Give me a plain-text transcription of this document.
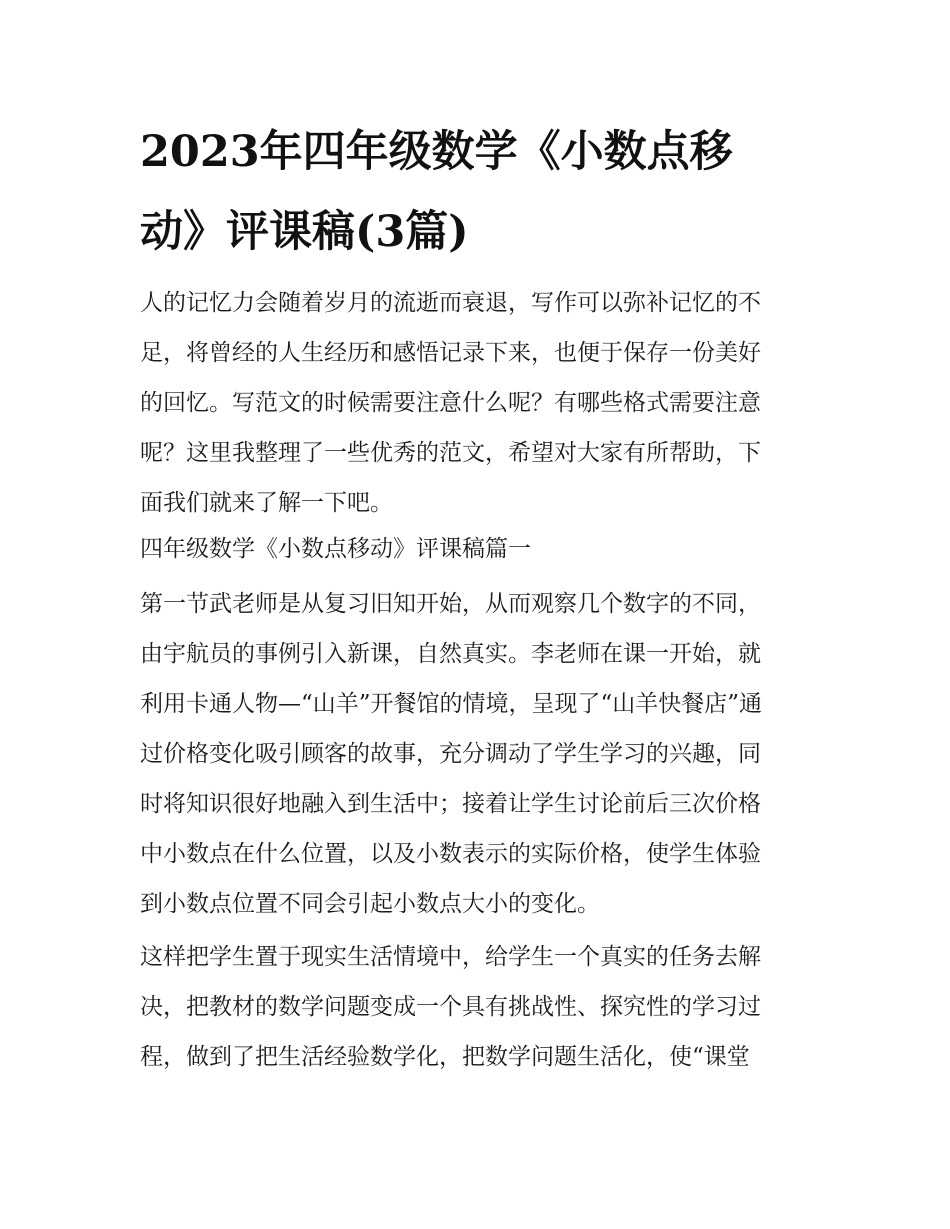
2023年四年级数学《小数点移
动》评课稿(3篇)
人的记忆力会随着岁月的流逝而衰退，写作可以弥补记忆的不
足，将曾经的人生经历和感悟记录下来，也便于保存一份美好
的回忆。写范文的时候需要注意什么呢？有哪些格式需要注意
呢？这里我整理了一些优秀的范文，希望对大家有所帮助，下
面我们就来了解一下吧。
四年级数学《小数点移动》评课稿篇一
第一节武老师是从复习旧知开始，从而观察几个数字的不同，
由宇航员的事例引入新课，自然真实。李老师在课一开始，就
利用卡通人物—“山羊”开餐馆的情境，呈现了“山羊快餐店”通
过价格变化吸引顾客的故事，充分调动了学生学习的兴趣，同
时将知识很好地融入到生活中；接着让学生讨论前后三次价格
中小数点在什么位置，以及小数表示的实际价格，使学生体验
到小数点位置不同会引起小数点大小的变化。
这样把学生置于现实生活情境中，给学生一个真实的任务去解
决，把教材的数学问题变成一个具有挑战性、探究性的学习过
程，做到了把生活经验数学化，把数学问题生活化，使“课堂
